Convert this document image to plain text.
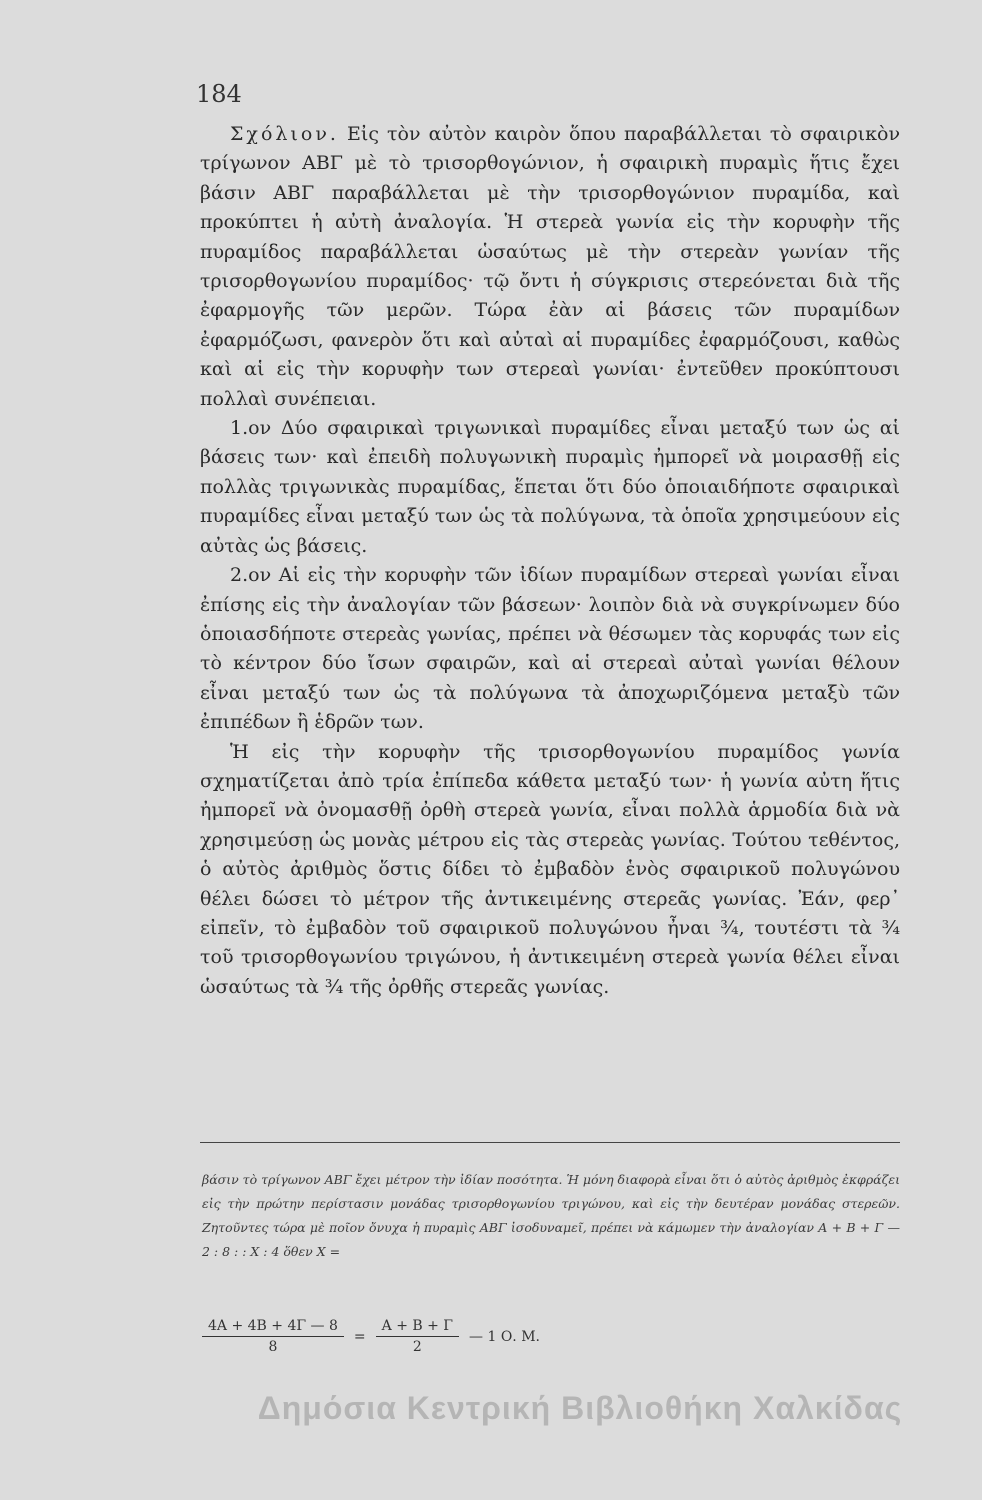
184

Σχόλιον. Εἰς τὸν αὐτὸν καιρὸν ὅπου παραβάλλεται τὸ σφαιρικὸν τρίγωνον ΑΒΓ μὲ τὸ τρισορθογώνιον, ἡ σφαιρικὴ πυραμὶς ἥτις ἔχει βάσιν ΑΒΓ παραβάλλεται μὲ τὴν τρισορθογώνιον πυραμίδα, καὶ προκύπτει ἡ αὐτὴ ἀναλογία. Ἡ στερεὰ γωνία εἰς τὴν κορυφὴν τῆς πυραμίδος παραβάλλεται ὡσαύτως μὲ τὴν στερεὰν γωνίαν τῆς τρισορθογωνίου πυραμίδος· τῷ ὄντι ἡ σύγκρισις στερεόνεται διὰ τῆς ἐφαρμογῆς τῶν μερῶν. Τώρα ἐὰν αἱ βάσεις τῶν πυραμίδων ἐφαρμόζωσι, φανερὸν ὅτι καὶ αὐταὶ αἱ πυραμίδες ἐφαρμόζουσι, καθὼς καὶ αἱ εἰς τὴν κορυφὴν των στερεαὶ γωνίαι· ἐντεῦθεν προκύπτουσι πολλαὶ συνέπειαι.

1.ον Δύο σφαιρικαὶ τριγωνικαὶ πυραμίδες εἶναι μεταξύ των ὡς αἱ βάσεις των· καὶ ἐπειδὴ πολυγωνικὴ πυραμὶς ἠμπορεῖ νὰ μοιρασθῇ εἰς πολλὰς τριγωνικὰς πυραμίδας, ἕπεται ὅτι δύο ὁποιαιδήποτε σφαιρικαὶ πυραμίδες εἶναι μεταξύ των ὡς τὰ πολύγωνα, τὰ ὁποῖα χρησιμεύουν εἰς αὐτὰς ὡς βάσεις.

2.ον Αἱ εἰς τὴν κορυφὴν τῶν ἰδίων πυραμίδων στερεαὶ γωνίαι εἶναι ἐπίσης εἰς τὴν ἀναλογίαν τῶν βάσεων· λοιπὸν διὰ νὰ συγκρίνωμεν δύο ὁποιασδήποτε στερεὰς γωνίας, πρέπει νὰ θέσωμεν τὰς κορυφάς των εἰς τὸ κέντρον δύο ἴσων σφαιρῶν, καὶ αἱ στερεαὶ αὐταὶ γωνίαι θέλουν εἶναι μεταξύ των ὡς τὰ πολύγωνα τὰ ἀποχωριζόμενα μεταξὺ τῶν ἐπιπέδων ἢ ἑδρῶν των.

Ἡ εἰς τὴν κορυφὴν τῆς τρισορθογωνίου πυραμίδος γωνία σχηματίζεται ἀπὸ τρία ἐπίπεδα κάθετα μεταξύ των· ἡ γωνία αὐτη ἥτις ἠμπορεῖ νὰ ὀνομασθῇ ὀρθὴ στερεὰ γωνία, εἶναι πολλὰ ἁρμοδία διὰ νὰ χρησιμεύσῃ ὡς μονὰς μέτρου εἰς τὰς στερεὰς γωνίας. Τούτου τεθέντος, ὁ αὐτὸς ἀριθμὸς ὅστις δίδει τὸ ἐμβαδὸν ἑνὸς σφαιρικοῦ πολυγώνου θέλει δώσει τὸ μέτρον τῆς ἀντικειμένης στερεᾶς γωνίας. Ἐάν, φερ᾽ εἰπεῖν, τὸ ἐμβαδὸν τοῦ σφαιρικοῦ πολυγώνου ἦναι ¾, τουτέστι τὰ ¾ τοῦ τρισορθογωνίου τριγώνου, ἡ ἀντικειμένη στερεὰ γωνία θέλει εἶναι ὡσαύτως τὰ ¾ τῆς ὀρθῆς στερεᾶς γωνίας.

βάσιν τὸ τρίγωνον ΑΒΓ ἔχει μέτρον τὴν ἰδίαν ποσότητα. Ἡ μόνη διαφορὰ εἶναι ὅτι ὁ αὐτὸς ἀριθμὸς ἐκφράζει εἰς τὴν πρώτην περίστασιν μονάδας τρισορθογωνίου τριγώνου, καὶ εἰς τὴν δευτέραν μονάδας στερεῶν. Ζητοῦντες τώρα μὲ ποῖον ὄνυχα ἡ πυραμὶς ΑΒΓ ἰσοδυναμεῖ, πρέπει νὰ κάμωμεν τὴν ἀναλογίαν Α + Β + Γ — 2 : 8 : : Χ : 4 ὅθεν Χ =

$\frac{4A + 4B + 4\Gamma — 8}{8} = \frac{A + B + \Gamma}{2}$ — 1 Ο. Μ.
Δημόσια Κεντρική Βιβλιοθήκη Χαλκίδας
